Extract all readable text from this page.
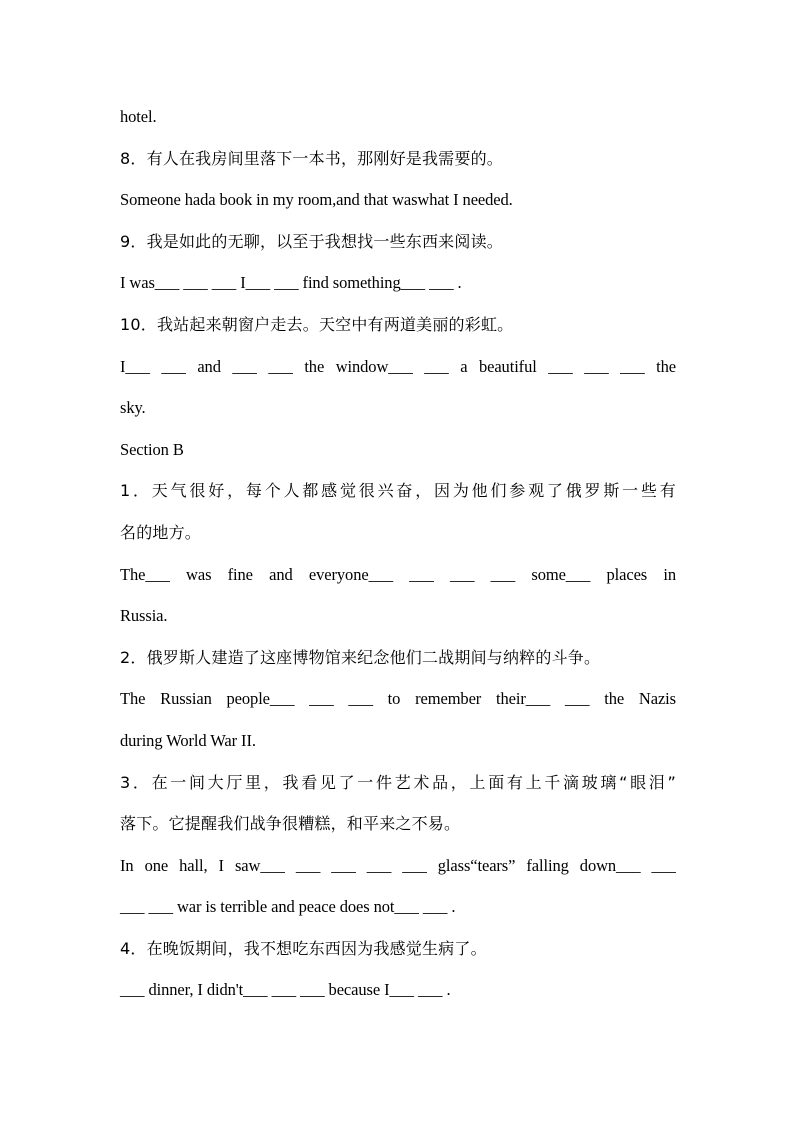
hotel.
8．有人在我房间里落下一本书，那刚好是我需要的。
Someone hada book in my room,and that waswhat I needed.
9．我是如此的无聊，以至于我想找一些东西来阅读。
I was___ ___ ___ I___ ___ find something___ ___ .
10．我站起来朝窗户走去。天空中有两道美丽的彩虹。
I___ ___ and ___ ___ the window___ ___ a beautiful ___ ___ ___ the
sky.
Section B
1．天气很好，每个人都感觉很兴奋，因为他们参观了俄罗斯一些有
名的地方。
The___ was fine and everyone___ ___ ___ ___ some___ places in
Russia.
2．俄罗斯人建造了这座博物馆来纪念他们二战期间与纳粹的斗争。
The Russian people___ ___ ___ to remember their___ ___ the Nazis
during World War II.
3．在一间大厅里，我看见了一件艺术品，上面有上千滴玻璃“眼泪”
落下。它提醒我们战争很糟糕，和平来之不易。
In one hall, I saw___ ___ ___ ___ ___ glass“tears” falling down___ ___
___ ___ war is terrible and peace does not___ ___ .
4．在晚饭期间，我不想吃东西因为我感觉生病了。
___ dinner, I didn't___ ___ ___ because I___ ___ .
